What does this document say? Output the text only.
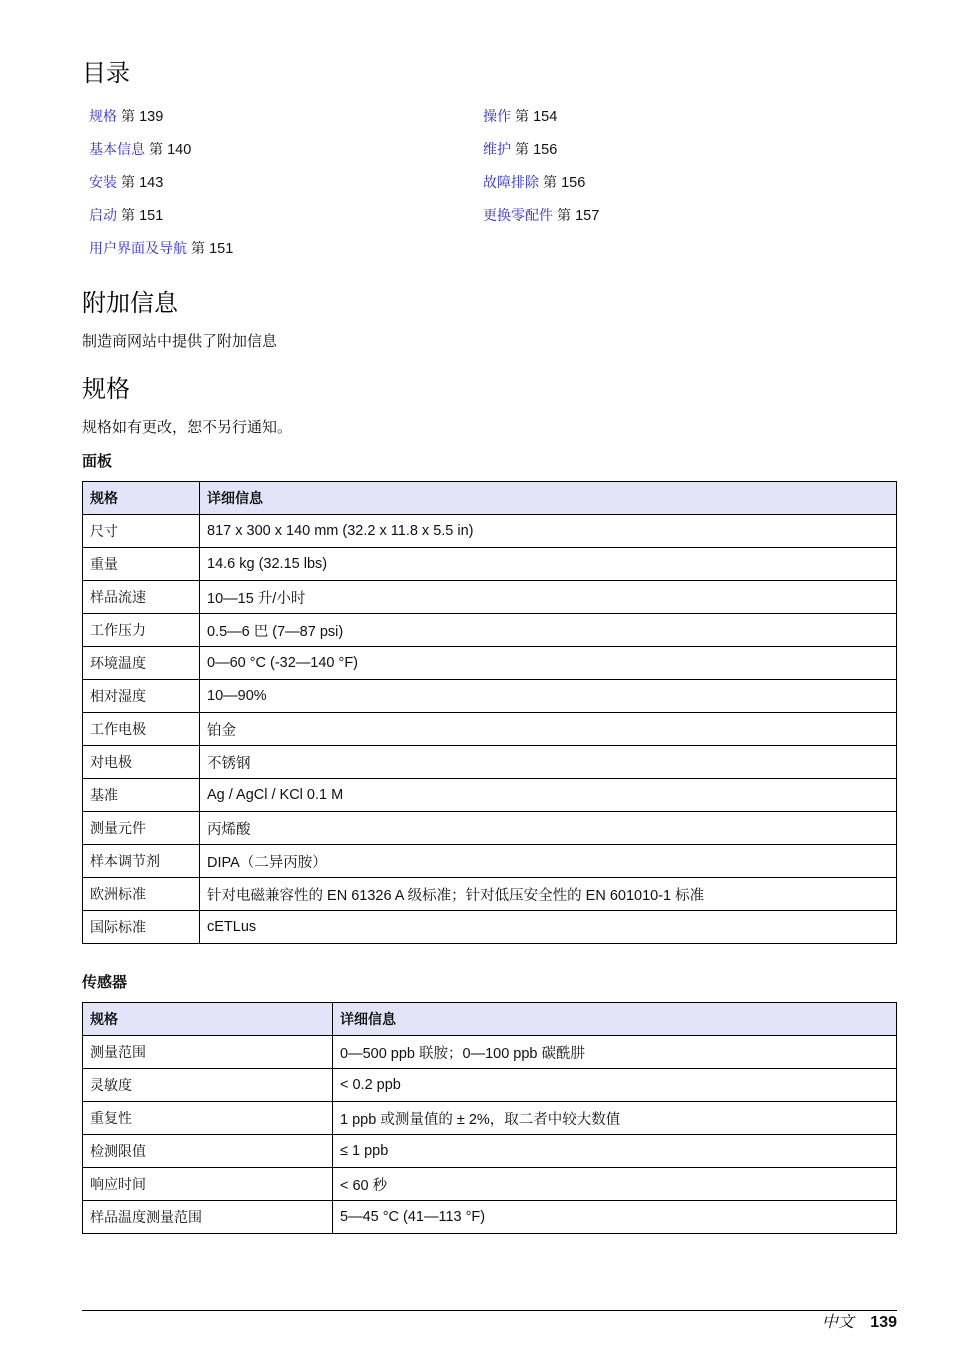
目录
规格 第 139
基本信息 第 140
安装 第 143
启动 第 151
用户界面及导航 第 151
操作 第 154
维护 第 156
故障排除 第 156
更换零配件 第 157
附加信息
制造商网站中提供了附加信息
规格
规格如有更改，恕不另行通知。
面板
规格	详细信息
尺寸	817 x 300 x 140 mm (32.2 x 11.8 x 5.5 in)
重量	14.6 kg (32.15 lbs)
样品流速	10—15 升/小时
工作压力	0.5—6 巴 (7—87 psi)
环境温度	0—60 °C (-32—140 °F)
相对湿度	10—90%
工作电极	铂金
对电极	不锈钢
基准	Ag / AgCl / KCl 0.1 M
测量元件	丙烯酸
样本调节剂	DIPA（二异丙胺）
欧洲标准	针对电磁兼容性的 EN 61326 A 级标准；针对低压安全性的 EN 601010-1 标准
国际标准	cETLus
传感器
规格	详细信息
测量范围	0—500 ppb 联胺；0—100 ppb 碳酰肼
灵敏度	< 0.2 ppb
重复性	1 ppb 或测量值的 ± 2%，取二者中较大数值
检测限值	≤ 1 ppb
响应时间	< 60 秒
样品温度测量范围	5—45 °C (41—113 °F)
中文 139
